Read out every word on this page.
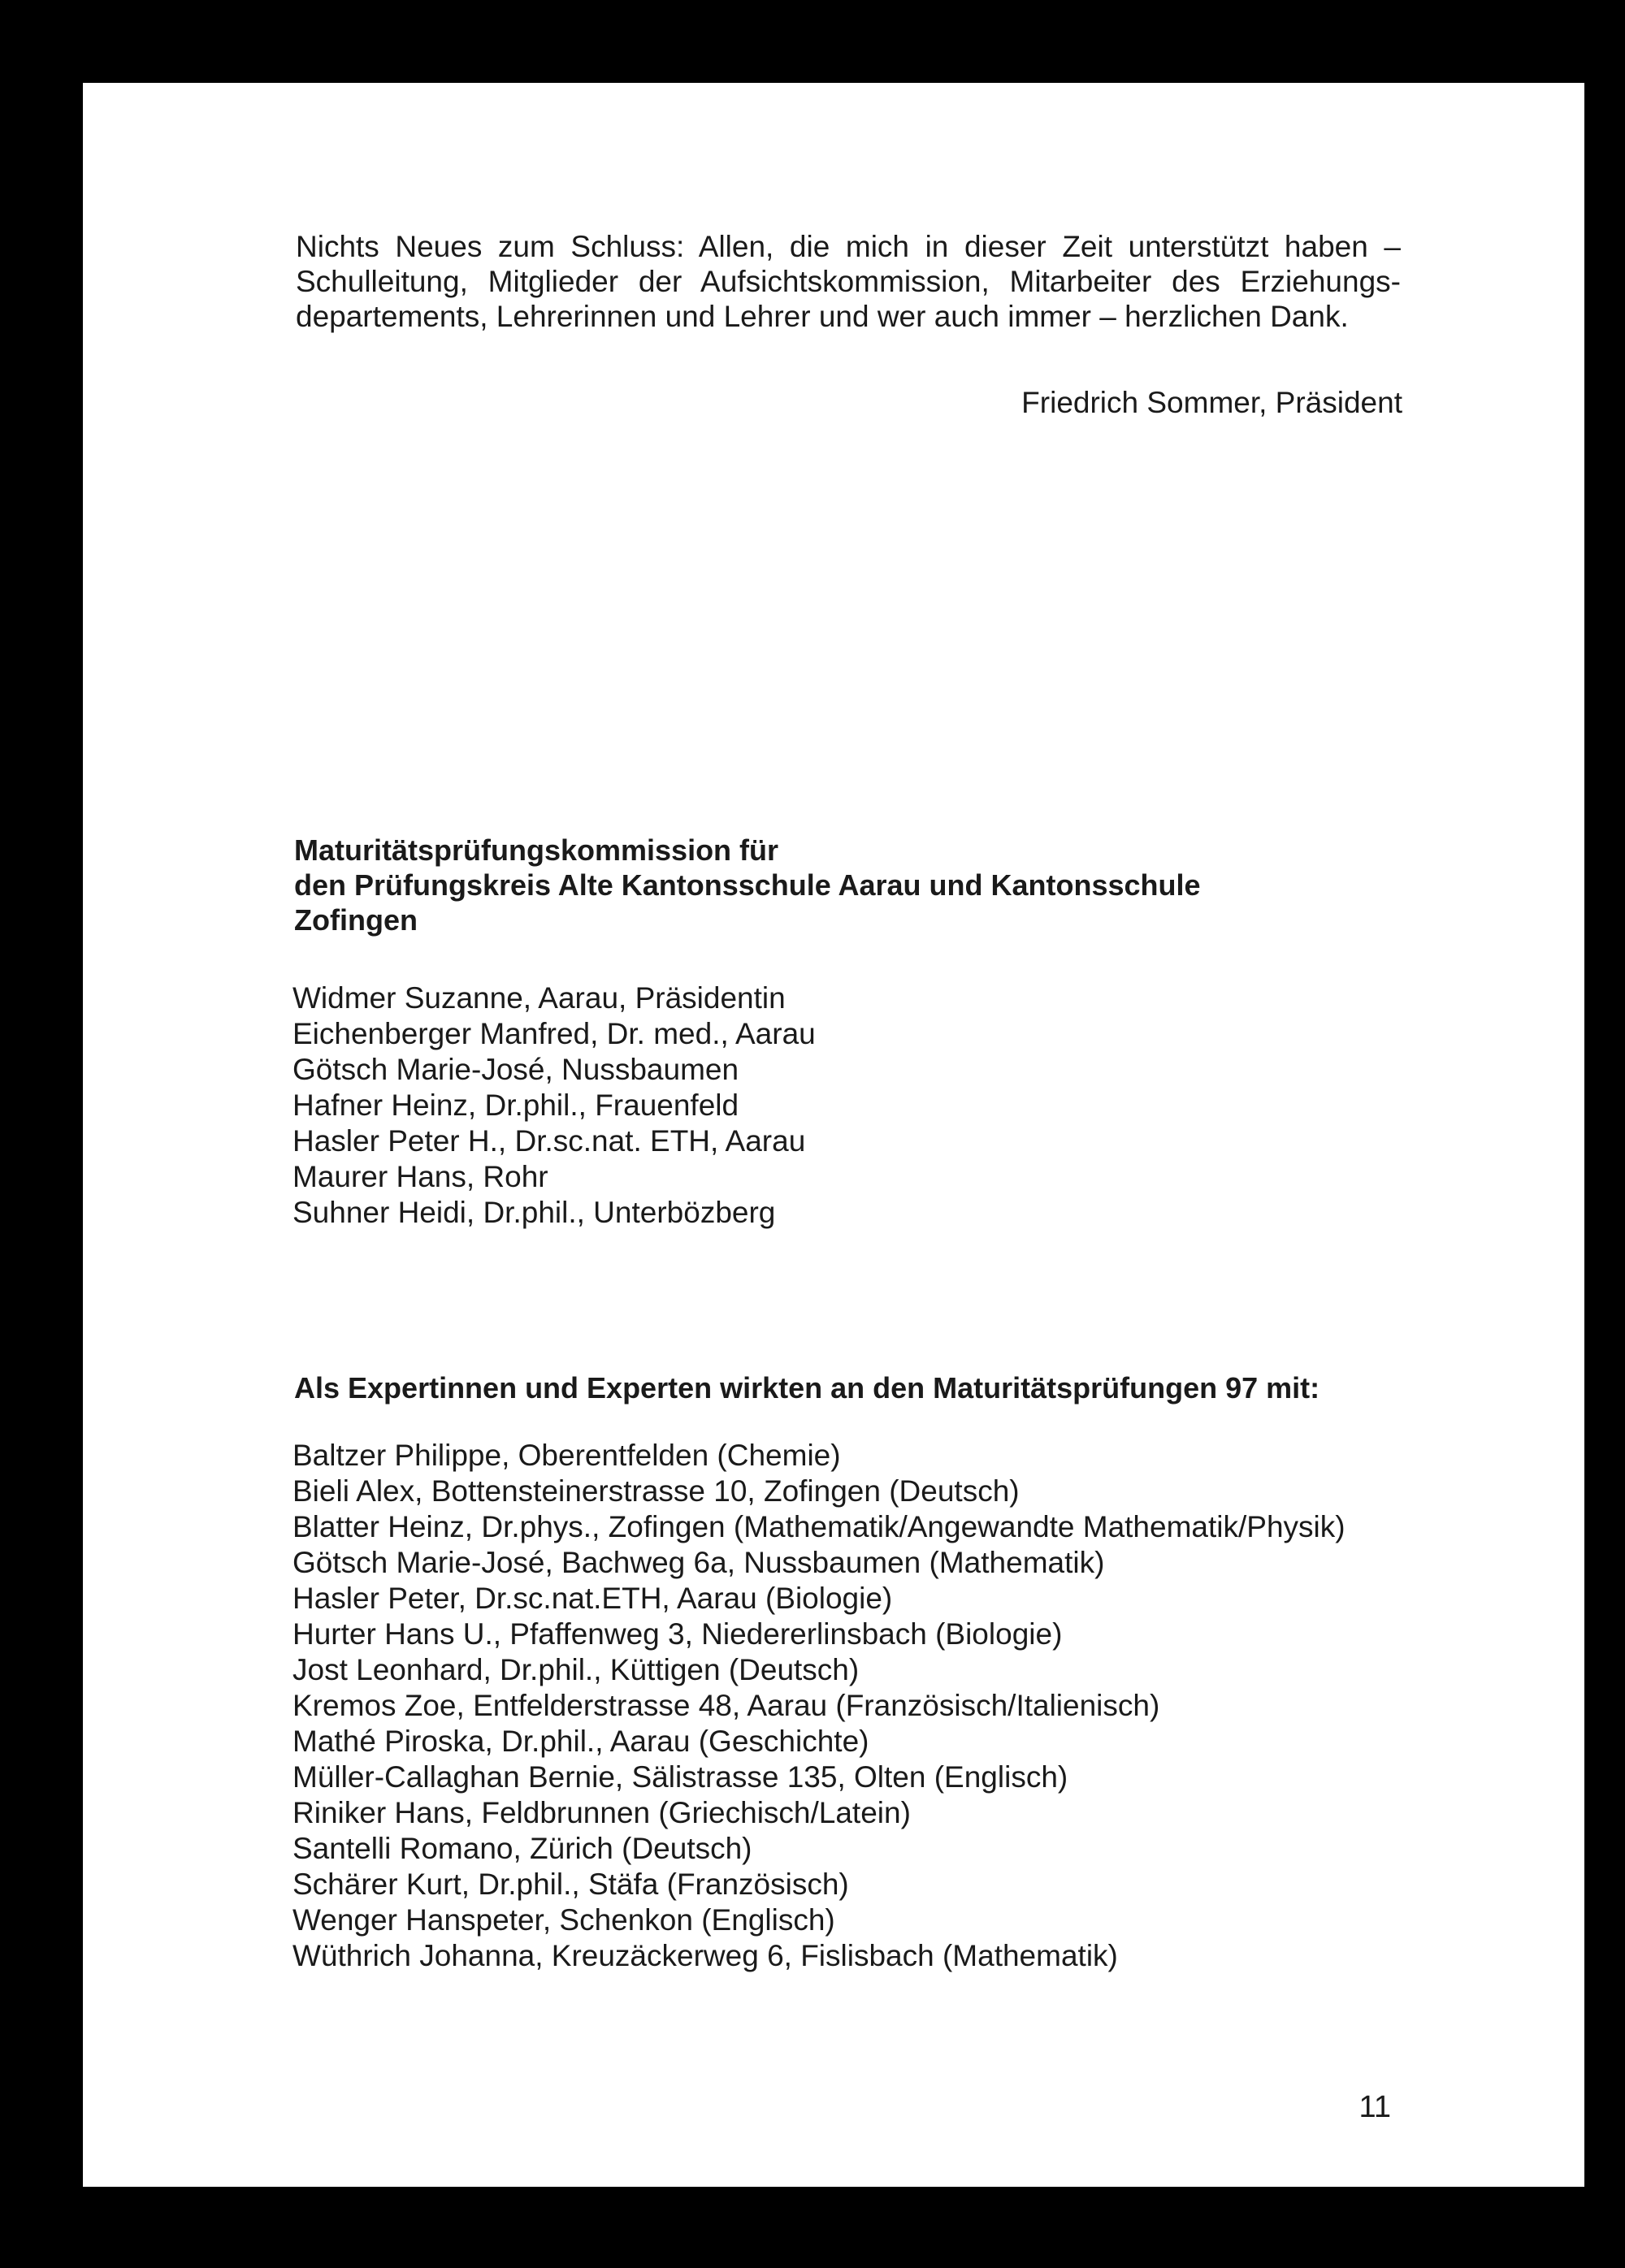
Nichts Neues zum Schluss: Allen, die mich in dieser Zeit unterstützt haben –
Schulleitung, Mitglieder der Aufsichtskommission, Mitarbeiter des Erziehungs-
departements, Lehrerinnen und Lehrer und wer auch immer – herzlichen Dank.
Friedrich Sommer, Präsident
Maturitätsprüfungskommission für
den Prüfungskreis Alte Kantonsschule Aarau und Kantonsschule
Zofingen
Widmer Suzanne, Aarau, Präsidentin
Eichenberger Manfred, Dr. med., Aarau
Götsch Marie-José, Nussbaumen
Hafner Heinz, Dr.phil., Frauenfeld
Hasler Peter H., Dr.sc.nat. ETH, Aarau
Maurer Hans, Rohr
Suhner Heidi, Dr.phil., Unterbözberg
Als Expertinnen und Experten wirkten an den Maturitätsprüfungen 97 mit:
Baltzer Philippe, Oberentfelden (Chemie)
Bieli Alex, Bottensteinerstrasse 10, Zofingen (Deutsch)
Blatter Heinz, Dr.phys., Zofingen (Mathematik/Angewandte Mathematik/Physik)
Götsch Marie-José, Bachweg 6a, Nussbaumen (Mathematik)
Hasler Peter, Dr.sc.nat.ETH, Aarau (Biologie)
Hurter Hans U., Pfaffenweg 3, Niedererlinsbach (Biologie)
Jost Leonhard, Dr.phil., Küttigen (Deutsch)
Kremos Zoe, Entfelderstrasse 48, Aarau (Französisch/Italienisch)
Mathé Piroska, Dr.phil., Aarau (Geschichte)
Müller-Callaghan Bernie, Sälistrasse 135, Olten (Englisch)
Riniker Hans, Feldbrunnen (Griechisch/Latein)
Santelli Romano, Zürich (Deutsch)
Schärer Kurt, Dr.phil., Stäfa (Französisch)
Wenger Hanspeter, Schenkon (Englisch)
Wüthrich Johanna, Kreuzäckerweg 6, Fislisbach (Mathematik)
11
